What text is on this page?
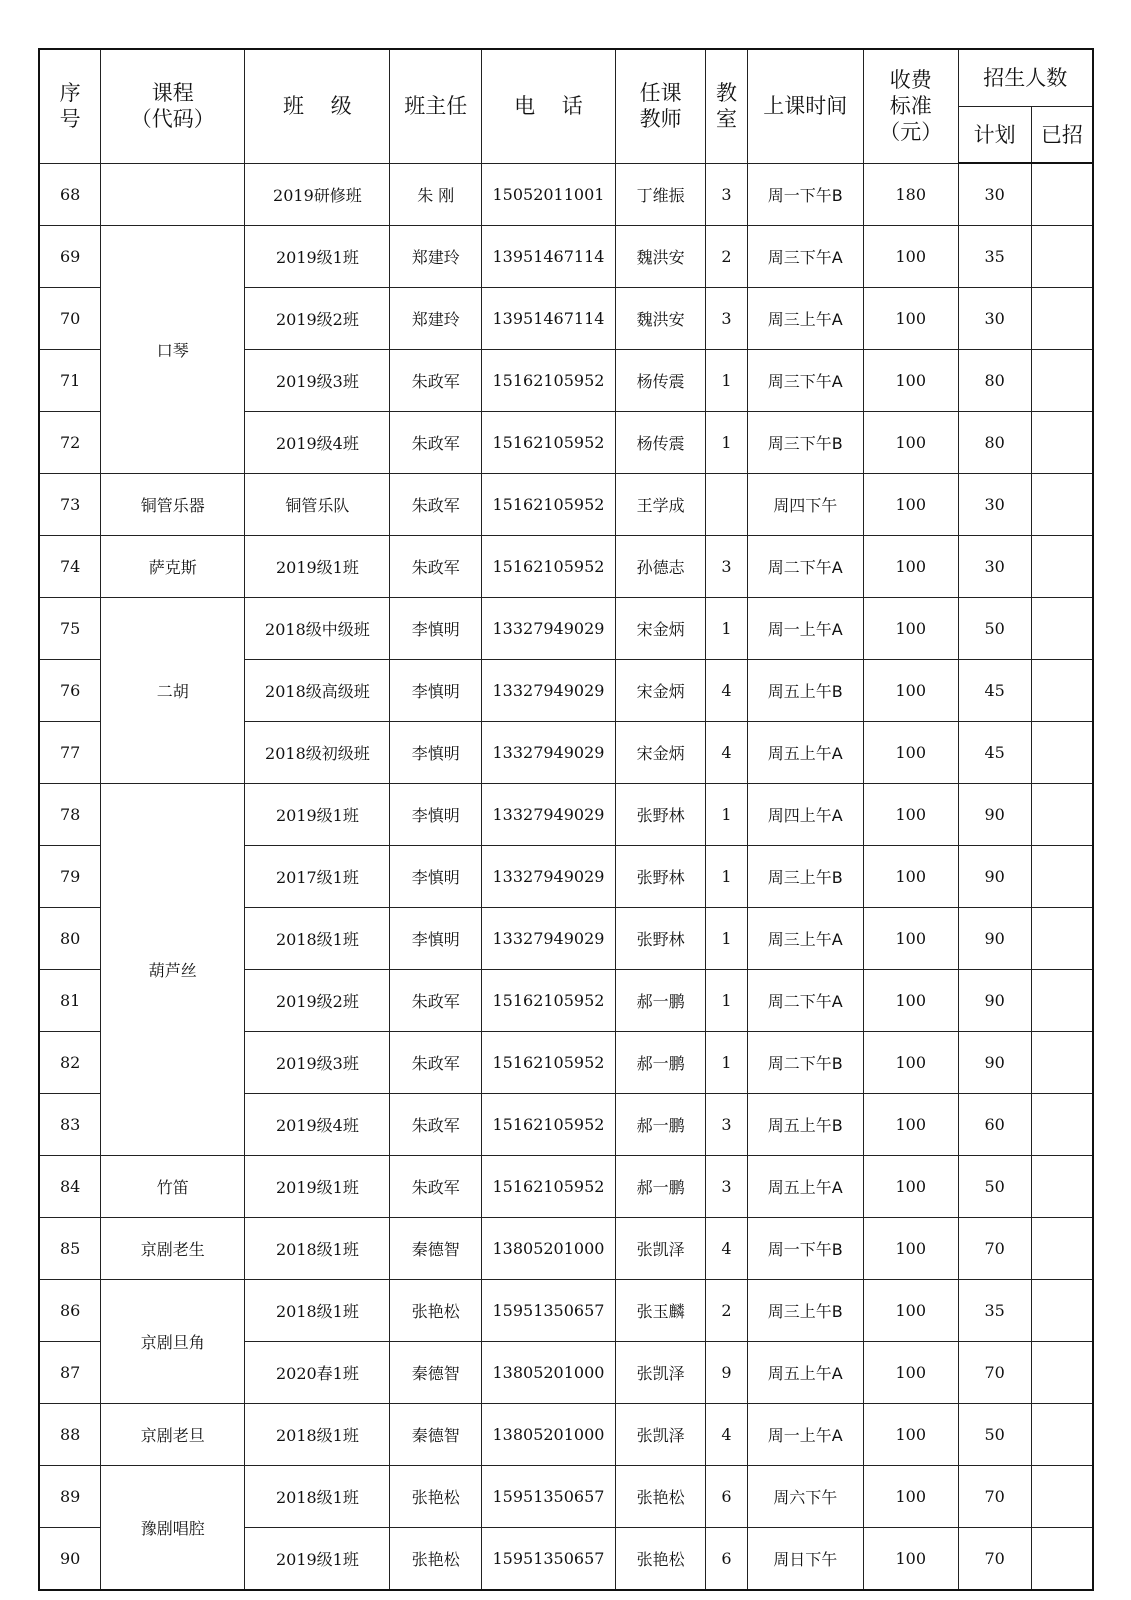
序
号	课程
（代码）	班    级	班主任	电    话	任课
教师	教
室	上课时间	收费
标准
（元）	招生人数	
									计划	已招
68		2019研修班	朱 刚	15052011001	丁维振	3	周一下午B	180	30	
69	口琴	2019级1班	郑建玲	13951467114	魏洪安	2	周三下午A	100	35	
70		2019级2班	郑建玲	13951467114	魏洪安	3	周三上午A	100	30	
71		2019级3班	朱政军	15162105952	杨传震	1	周三下午A	100	80	
72		2019级4班	朱政军	15162105952	杨传震	1	周三下午B	100	80	
73	铜管乐器	铜管乐队	朱政军	15162105952	王学成		周四下午	100	30	
74	萨克斯	2019级1班	朱政军	15162105952	孙德志	3	周二下午A	100	30	
75	二胡	2018级中级班	李慎明	13327949029	宋金炳	1	周一上午A	100	50	
76		2018级高级班	李慎明	13327949029	宋金炳	4	周五上午B	100	45	
77		2018级初级班	李慎明	13327949029	宋金炳	4	周五上午A	100	45	
78	葫芦丝	2019级1班	李慎明	13327949029	张野林	1	周四上午A	100	90	
79		2017级1班	李慎明	13327949029	张野林	1	周三上午B	100	90	
80		2018级1班	李慎明	13327949029	张野林	1	周三上午A	100	90	
81		2019级2班	朱政军	15162105952	郝一鹏	1	周二下午A	100	90	
82		2019级3班	朱政军	15162105952	郝一鹏	1	周二下午B	100	90	
83		2019级4班	朱政军	15162105952	郝一鹏	3	周五上午B	100	60	
84	竹笛	2019级1班	朱政军	15162105952	郝一鹏	3	周五上午A	100	50	
85	京剧老生	2018级1班	秦德智	13805201000	张凯泽	4	周一下午B	100	70	
86	京剧旦角	2018级1班	张艳松	15951350657	张玉麟	2	周三上午B	100	35	
87		2020春1班	秦德智	13805201000	张凯泽	9	周五上午A	100	70	
88	京剧老旦	2018级1班	秦德智	13805201000	张凯泽	4	周一上午A	100	50	
89	豫剧唱腔	2018级1班	张艳松	15951350657	张艳松	6	周六下午	100	70	
90		2019级1班	张艳松	15951350657	张艳松	6	周日下午	100	70	
